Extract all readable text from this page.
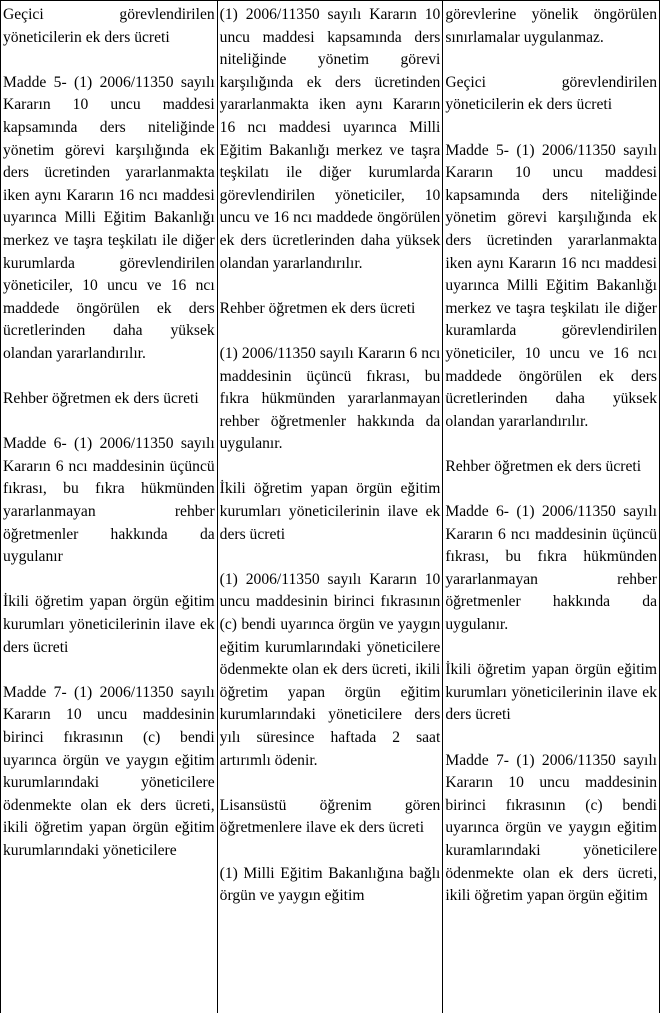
Geçici görevlendirilen yöneticilerin ek ders ücreti

Madde 5- (1) 2006/11350 sayılı Kararın 10 uncu maddesi kapsamında ders niteliğinde yönetim görevi karşılığında ek ders ücretinden yararlanmakta iken aynı Kararın 16 ncı maddesi uyarınca Milli Eğitim Bakanlığı merkez ve taşra teşkilatı ile diğer kurumlarda görevlendirilen yöneticiler, 10 uncu ve 16 ncı maddede öngörülen ek ders ücretlerinden daha yüksek olandan yararlandırılır.

Rehber öğretmen ek ders ücreti

Madde 6- (1) 2006/11350 sayılı Kararın 6 ncı maddesinin üçüncü fıkrası, bu fıkra hükmünden yararlanmayan rehber öğretmenler hakkında da uygulanır

İkili öğretim yapan örgün eğitim kurumları yöneticilerinin ilave ek ders ücreti

Madde 7- (1) 2006/11350 sayılı Kararın 10 uncu maddesinin birinci fıkrasının (c) bendi uyarınca örgün ve yaygın eğitim kurumlarındaki yöneticilere ödenmekte olan ek ders ücreti, ikili öğretim yapan örgün eğitim kurumlarındaki yöneticilere

(1) 2006/11350 sayılı Kararın 10 uncu maddesi kapsamında ders niteliğinde yönetim görevi karşılığında ek ders ücretinden yararlanmakta iken aynı Kararın 16 ncı maddesi uyarınca Milli Eğitim Bakanlığı merkez ve taşra teşkilatı ile diğer kurumlarda görevlendirilen yöneticiler, 10 uncu ve 16 ncı maddede öngörülen ek ders ücretlerinden daha yüksek olandan yararlandırılır.

Rehber öğretmen ek ders ücreti

(1) 2006/11350 sayılı Kararın 6 ncı maddesinin üçüncü fıkrası, bu fıkra hükmünden yararlanmayan rehber öğretmenler hakkında da uygulanır.

İkili öğretim yapan örgün eğitim kurumları yöneticilerinin ilave ek ders ücreti

(1) 2006/11350 sayılı Kararın 10 uncu maddesinin birinci fıkrasının (c) bendi uyarınca örgün ve yaygın eğitim kurumlarındaki yöneticilere ödenmekte olan ek ders ücreti, ikili öğretim yapan örgün eğitim kurumlarındaki yöneticilere ders yılı süresince haftada 2 saat artırımlı ödenir.

Lisansüstü öğrenim gören öğretmenlere ilave ek ders ücreti

(1) Milli Eğitim Bakanlığına bağlı örgün ve yaygın eğitim

görevlerine yönelik öngörülen sınırlamalar uygulanmaz.

Geçici görevlendirilen yöneticilerin ek ders ücreti

Madde 5- (1) 2006/11350 sayılı Kararın 10 uncu maddesi kapsamında ders niteliğinde yönetim görevi karşılığında ek ders ücretinden yararlanmakta iken aynı Kararın 16 ncı maddesi uyarınca Milli Eğitim Bakanlığı merkez ve taşra teşkilatı ile diğer kuramlarda görevlendirilen yöneticiler, 10 uncu ve 16 ncı maddede öngörülen ek ders ücretlerinden daha yüksek olandan yararlandırılır.

Rehber öğretmen ek ders ücreti

Madde 6- (1) 2006/11350 sayılı Kararın 6 ncı maddesinin üçüncü fıkrası, bu fıkra hükmünden yararlanmayan rehber öğretmenler hakkında da uygulanır.

İkili öğretim yapan örgün eğitim kurumları yöneticilerinin ilave ek ders ücreti

Madde 7- (1) 2006/11350 sayılı Kararın 10 uncu maddesinin birinci fıkrasının (c) bendi uyarınca örgün ve yaygın eğitim kuramlarındaki yöneticilere ödenmekte olan ek ders ücreti, ikili öğretim yapan örgün eğitim
